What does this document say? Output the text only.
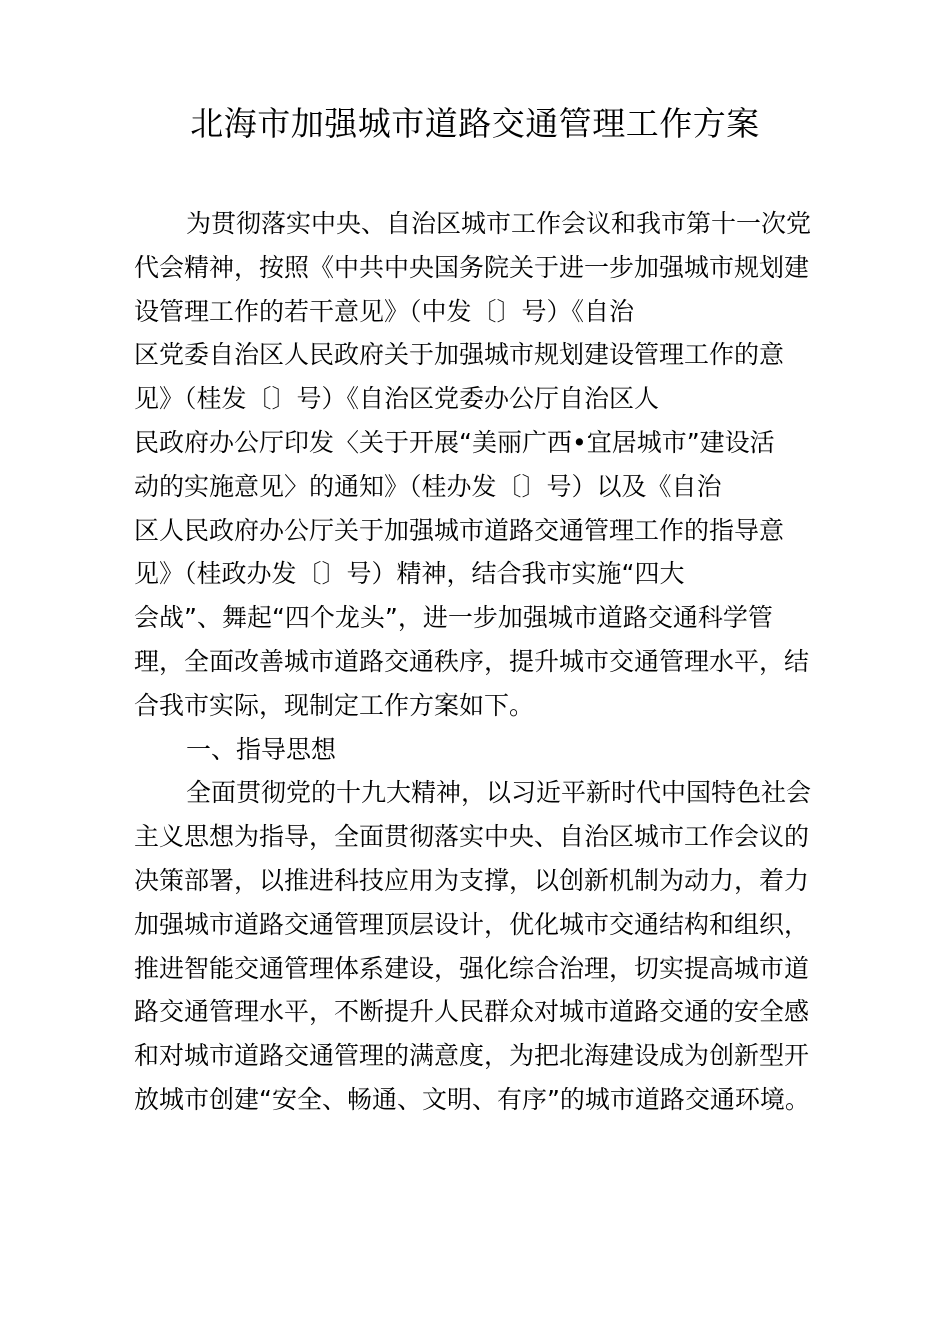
北海市加强城市道路交通管理工作方案
为贯彻落实中央、自治区城市工作会议和我市第十一次党
代会精神，按照《中共中央国务院关于进一步加强城市规划建
设管理工作的若干意见》（中发〔〕号）《自治
区党委自治区人民政府关于加强城市规划建设管理工作的意
见》（桂发〔〕号）《自治区党委办公厅自治区人
民政府办公厅印发〈关于开展“美丽广西•宜居城市”建设活
动的实施意见〉的通知》（桂办发〔〕号）以及《自治
区人民政府办公厅关于加强城市道路交通管理工作的指导意
见》（桂政办发〔〕号）精神，结合我市实施“四大
会战”、舞起“四个龙头”，进一步加强城市道路交通科学管
理，全面改善城市道路交通秩序，提升城市交通管理水平，结
合我市实际，现制定工作方案如下。
一、指导思想
全面贯彻党的十九大精神，以习近平新时代中国特色社会
主义思想为指导，全面贯彻落实中央、自治区城市工作会议的
决策部署，以推进科技应用为支撑，以创新机制为动力，着力
加强城市道路交通管理顶层设计，优化城市交通结构和组织，
推进智能交通管理体系建设，强化综合治理，切实提高城市道
路交通管理水平，不断提升人民群众对城市道路交通的安全感
和对城市道路交通管理的满意度，为把北海建设成为创新型开
放城市创建“安全、畅通、文明、有序”的城市道路交通环境。
